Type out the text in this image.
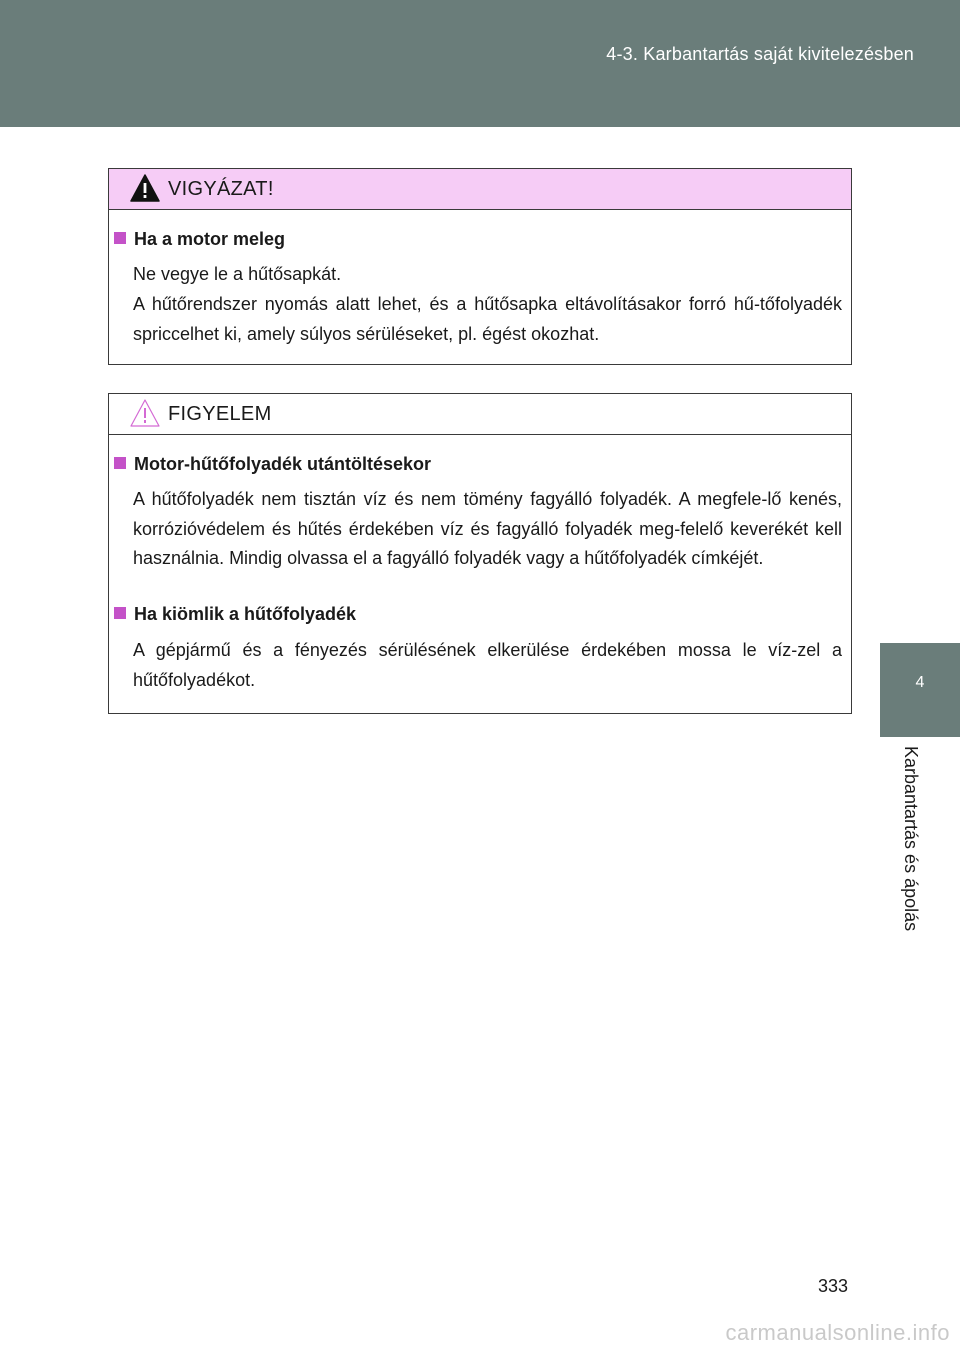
4-3. Karbantartás saját kivitelezésben
4
Karbantartás és ápolás
VIGYÁZAT!
Ha a motor meleg
Ne vegye le a hűtősapkát.
A hűtőrendszer nyomás alatt lehet, és a hűtősapka eltávolításakor forró hű-tőfolyadék spriccelhet ki, amely súlyos sérüléseket, pl. égést okozhat.
FIGYELEM
Motor-hűtőfolyadék utántöltésekor
A hűtőfolyadék nem tisztán víz és nem tömény fagyálló folyadék. A megfele-lő kenés, korrózióvédelem és hűtés érdekében víz és fagyálló folyadék meg-felelő keverékét kell használnia. Mindig olvassa el a fagyálló folyadék vagy a hűtőfolyadék címkéjét.
Ha kiömlik a hűtőfolyadék
A gépjármű és a fényezés sérülésének elkerülése érdekében mossa le víz-zel a hűtőfolyadékot.
333
carmanualsonline.info
